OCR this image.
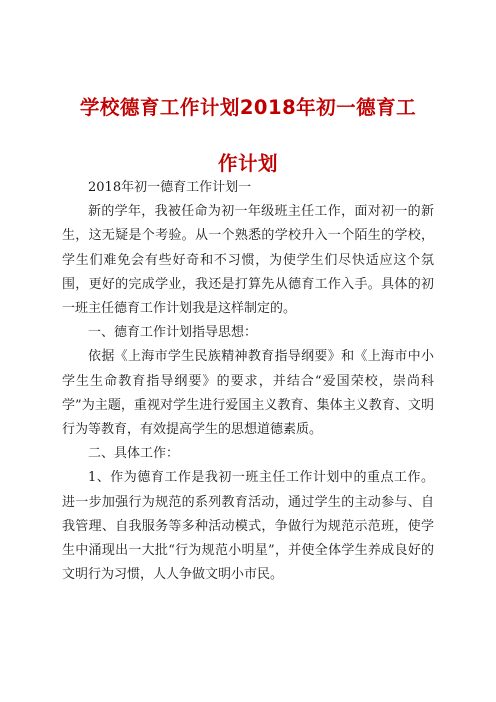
学校德育工作计划2018年初一德育工
作计划

2018年初一德育工作计划一

新的学年，我被任命为初一年级班主任工作，面对初一的新生，这无疑是个考验。从一个熟悉的学校升入一个陌生的学校，学生们难免会有些好奇和不习惯，为使学生们尽快适应这个氛围，更好的完成学业，我还是打算先从德育工作入手。具体的初一班主任德育工作计划我是这样制定的。

一、德育工作计划指导思想：

依据《上海市学生民族精神教育指导纲要》和《上海市中小学生生命教育指导纲要》的要求，并结合“爱国荣校，崇尚科学”为主题，重视对学生进行爱国主义教育、集体主义教育、文明行为等教育，有效提高学生的思想道德素质。

二、具体工作：

1、作为德育工作是我初一班主任工作计划中的重点工作。进一步加强行为规范的系列教育活动，通过学生的主动参与、自我管理、自我服务等多种活动模式，争做行为规范示范班，使学生中涌现出一大批“行为规范小明星”，并使全体学生养成良好的文明行为习惯，人人争做文明小市民。
